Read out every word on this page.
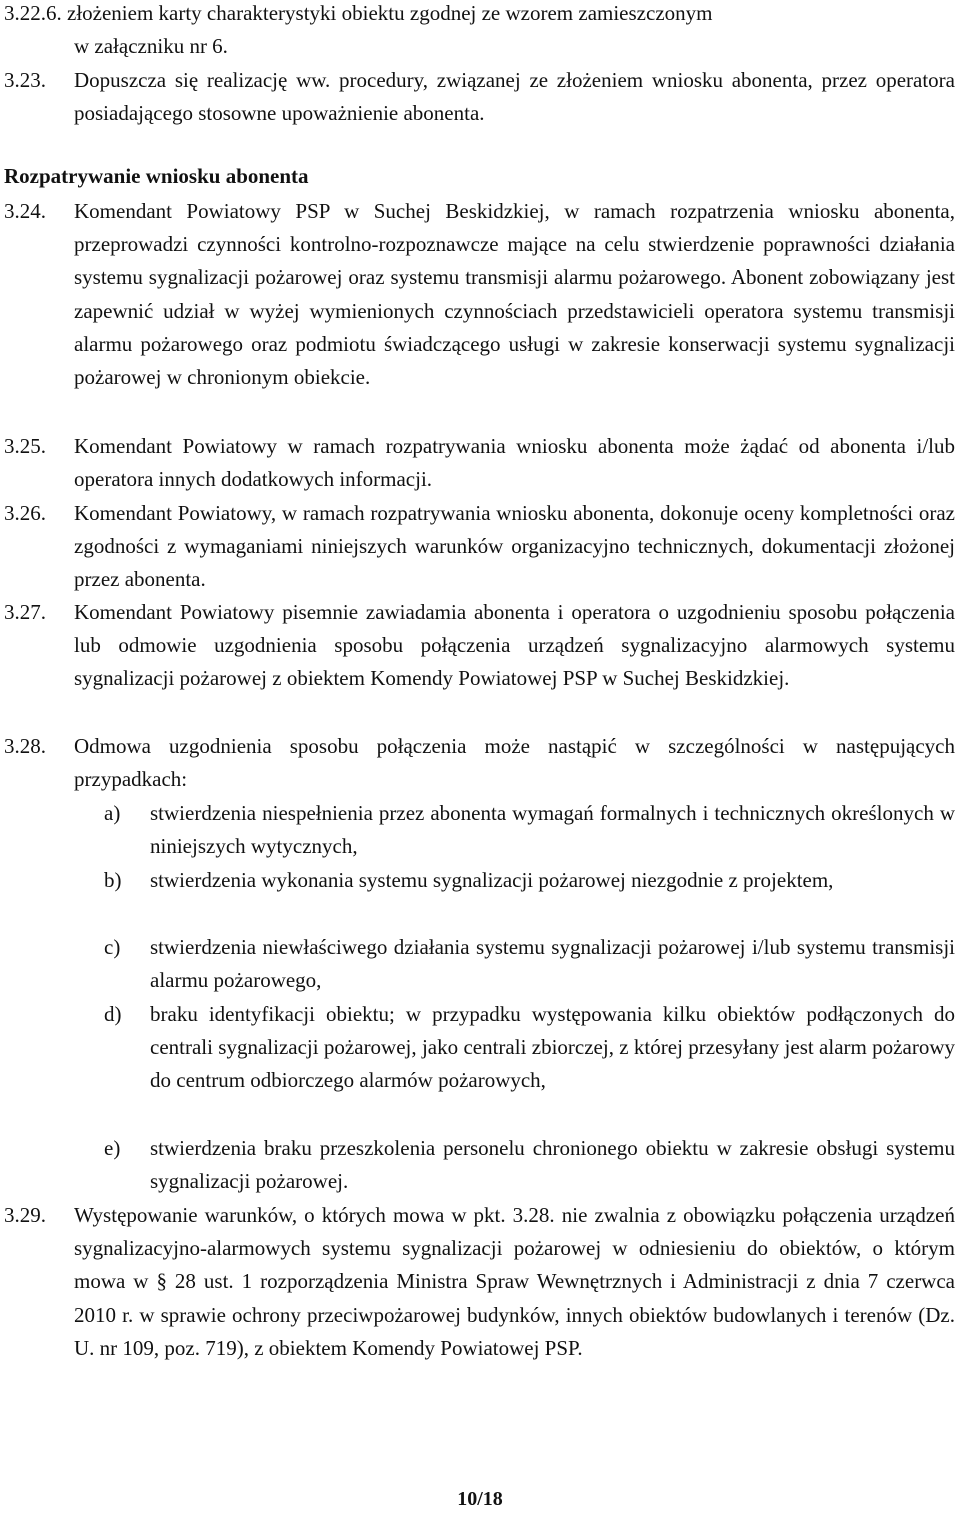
3.22.6. złożeniem karty charakterystyki obiektu zgodnej ze wzorem zamieszczonym
w załączniku nr 6.
3.23. Dopuszcza się realizację ww. procedury, związanej ze złożeniem wniosku abonenta, przez operatora posiadającego stosowne upoważnienie abonenta.
Rozpatrywanie wniosku abonenta
3.24. Komendant Powiatowy PSP w Suchej Beskidzkiej, w ramach rozpatrzenia wniosku abonenta, przeprowadzi czynności kontrolno-rozpoznawcze mające na celu stwierdzenie poprawności działania systemu sygnalizacji pożarowej oraz systemu transmisji alarmu pożarowego. Abonent zobowiązany jest zapewnić udział w wyżej wymienionych czynnościach przedstawicieli operatora systemu transmisji alarmu pożarowego oraz podmiotu świadczącego usługi w zakresie konserwacji systemu sygnalizacji pożarowej w chronionym obiekcie.
3.25. Komendant Powiatowy w ramach rozpatrywania wniosku abonenta może żądać od abonenta i/lub operatora innych dodatkowych informacji.
3.26. Komendant Powiatowy, w ramach rozpatrywania wniosku abonenta, dokonuje oceny kompletności oraz zgodności z wymaganiami niniejszych warunków organizacyjno technicznych, dokumentacji złożonej przez abonenta.
3.27. Komendant Powiatowy pisemnie zawiadamia abonenta i operatora o uzgodnieniu sposobu połączenia lub odmowie uzgodnienia sposobu połączenia urządzeń sygnalizacyjno alarmowych systemu sygnalizacji pożarowej z obiektem Komendy Powiatowej PSP w Suchej Beskidzkiej.
3.28. Odmowa uzgodnienia sposobu połączenia może nastąpić w szczególności w następujących przypadkach:
a) stwierdzenia niespełnienia przez abonenta wymagań formalnych i technicznych określonych w niniejszych wytycznych,
b) stwierdzenia wykonania systemu sygnalizacji pożarowej niezgodnie z projektem,
c) stwierdzenia niewłaściwego działania systemu sygnalizacji pożarowej i/lub systemu transmisji alarmu pożarowego,
d) braku identyfikacji obiektu; w przypadku występowania kilku obiektów podłączonych do centrali sygnalizacji pożarowej, jako centrali zbiorczej, z której przesyłany jest alarm pożarowy do centrum odbiorczego alarmów pożarowych,
e) stwierdzenia braku przeszkolenia personelu chronionego obiektu w zakresie obsługi systemu sygnalizacji pożarowej.
3.29. Występowanie warunków, o których mowa w pkt. 3.28. nie zwalnia z obowiązku połączenia urządzeń sygnalizacyjno-alarmowych systemu sygnalizacji pożarowej w odniesieniu do obiektów, o którym mowa w § 28 ust. 1 rozporządzenia Ministra Spraw Wewnętrznych i Administracji z dnia 7 czerwca 2010 r. w sprawie ochrony przeciwpożarowej budynków, innych obiektów budowlanych i terenów (Dz. U. nr 109, poz. 719), z obiektem Komendy Powiatowej PSP.
10/18
